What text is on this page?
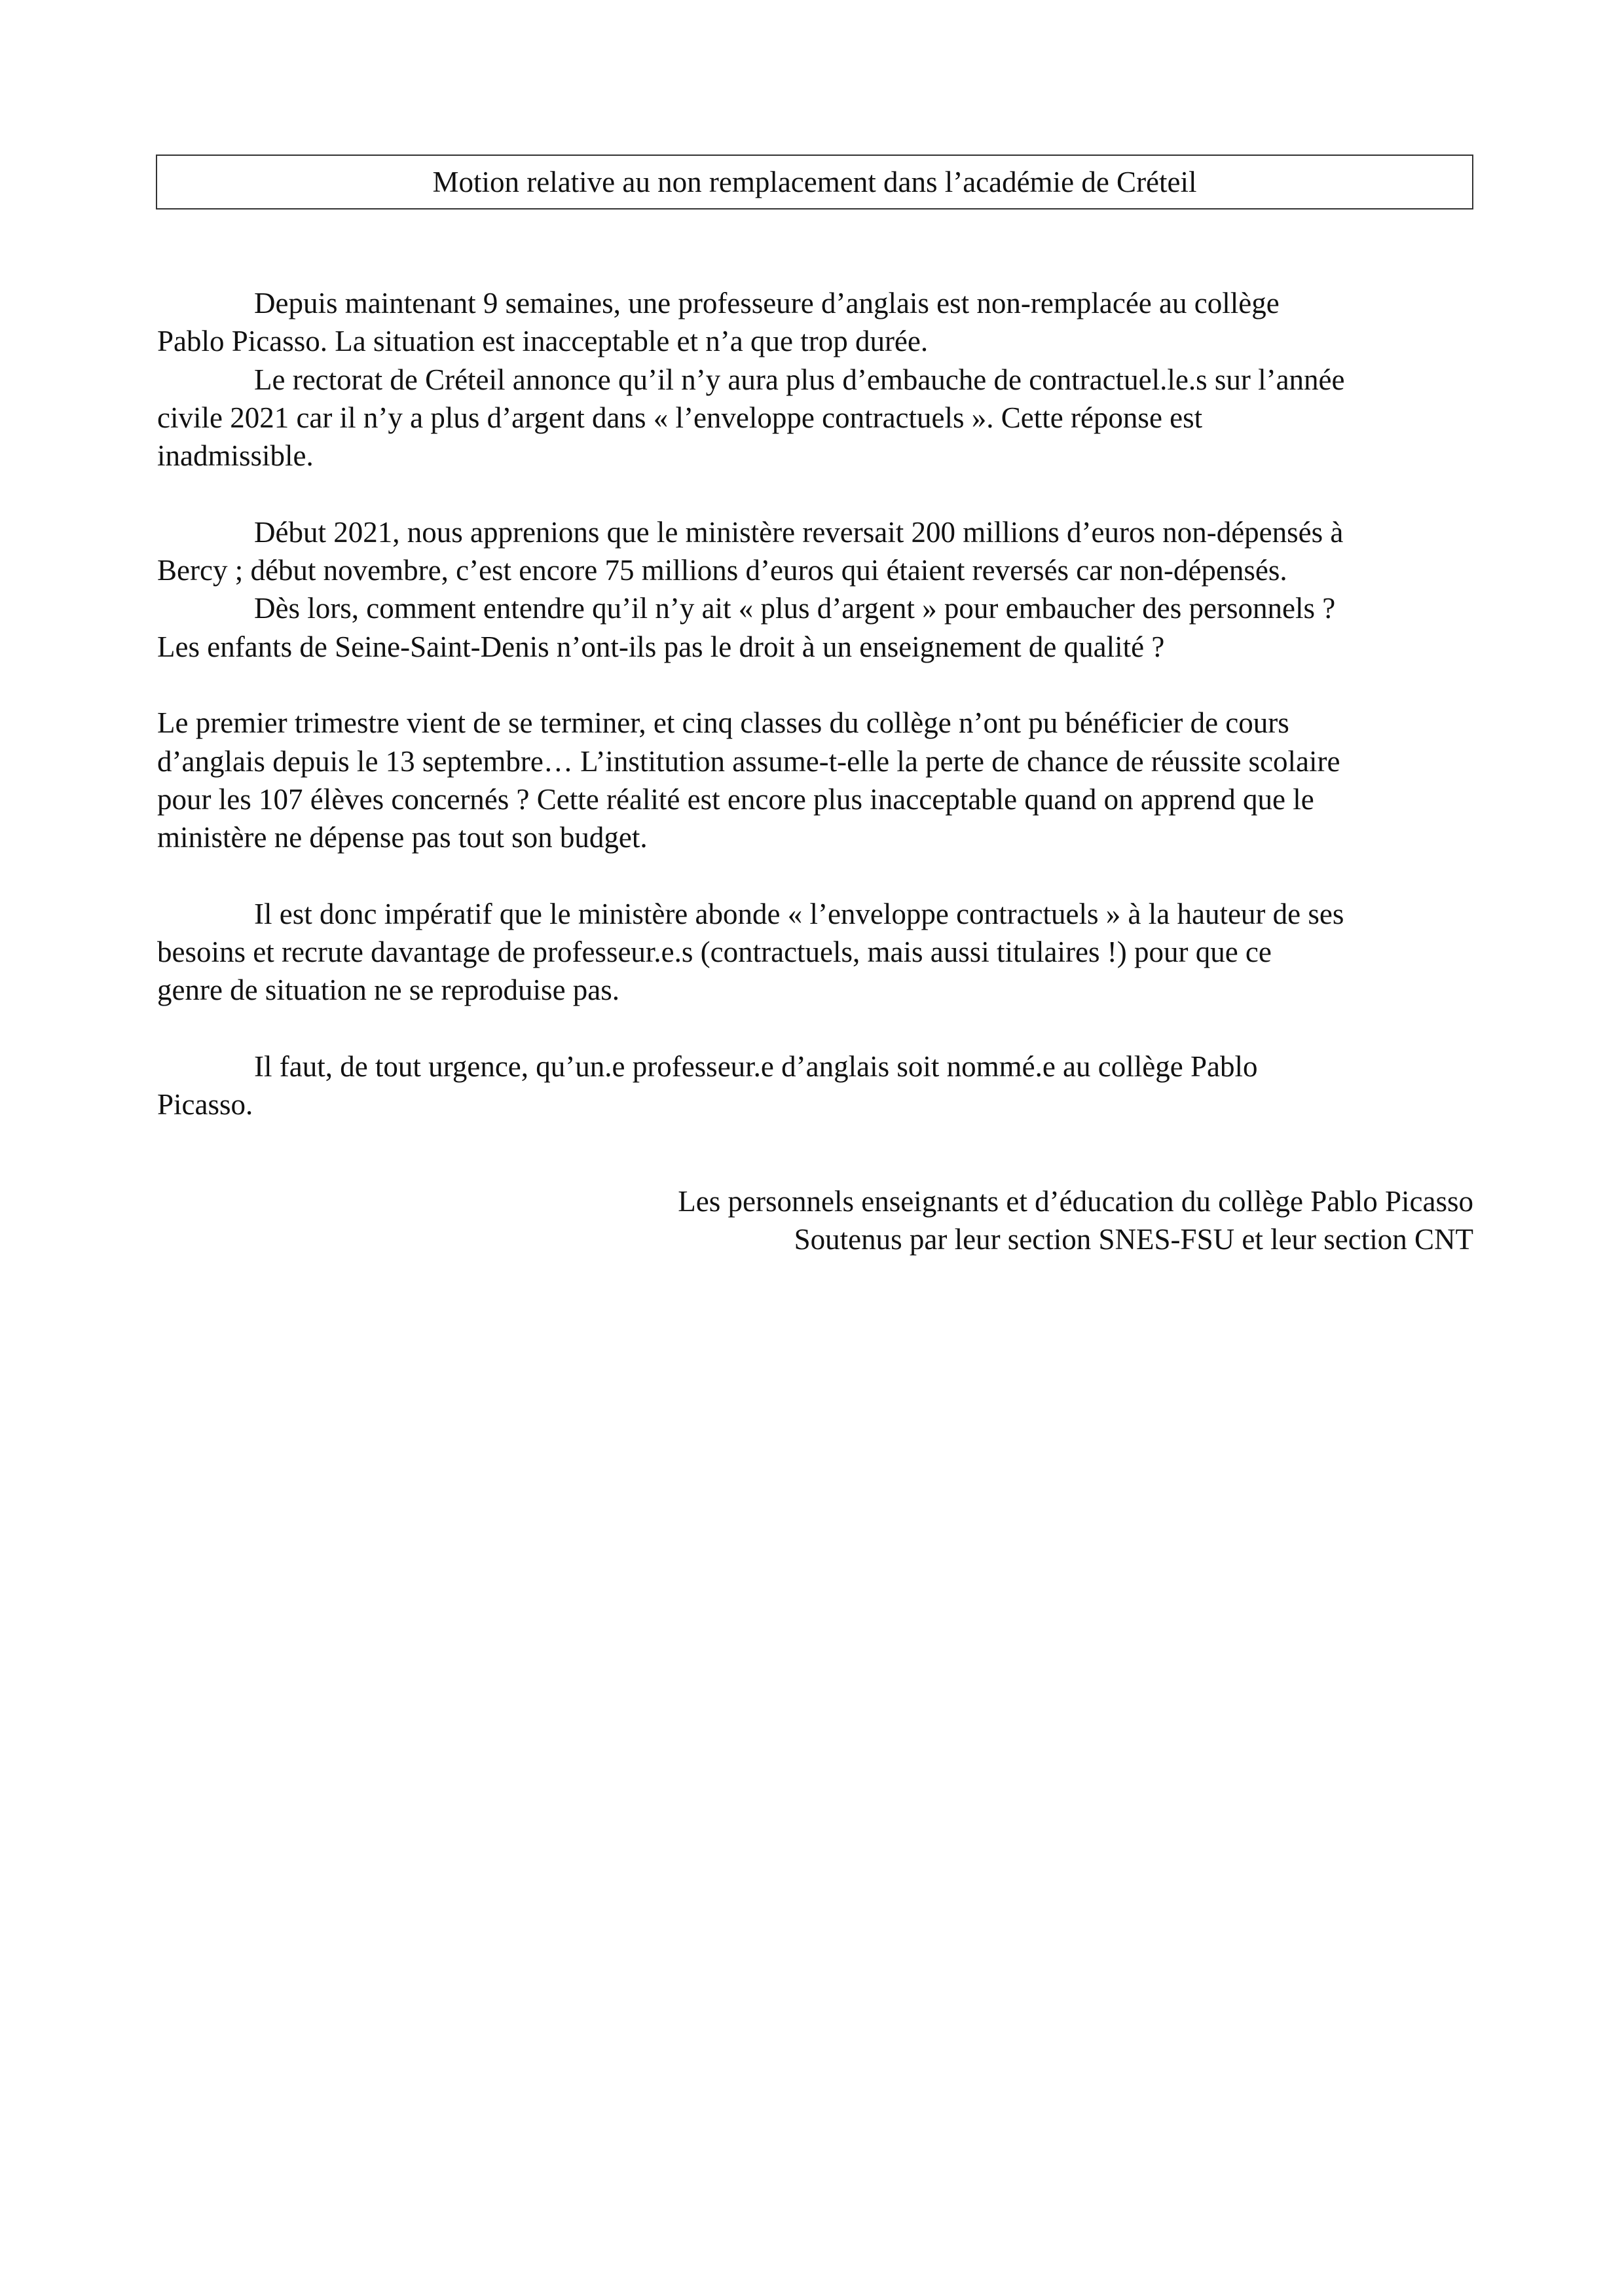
Motion relative au non remplacement dans l’académie de Créteil
Depuis maintenant 9 semaines, une professeure d’anglais est non-remplacée au collège
Pablo Picasso. La situation est inacceptable et n’a que trop durée.
Le rectorat de Créteil annonce qu’il n’y aura plus d’embauche de contractuel.le.s sur l’année
civile 2021 car il n’y a plus d’argent dans « l’enveloppe contractuels ». Cette réponse est
inadmissible.
Début 2021, nous apprenions que le ministère reversait 200 millions d’euros non-dépensés à
Bercy ; début novembre, c’est encore 75 millions d’euros qui étaient reversés car non-dépensés.
Dès lors, comment entendre qu’il n’y ait « plus d’argent » pour embaucher des personnels ?
Les enfants de Seine-Saint-Denis n’ont-ils pas le droit à un enseignement de qualité ?
Le premier trimestre vient de se terminer, et cinq classes du collège n’ont pu bénéficier de cours
d’anglais depuis le 13 septembre… L’institution assume-t-elle la perte de chance de réussite scolaire
pour les 107 élèves concernés ? Cette réalité est encore plus inacceptable quand on apprend que le
ministère ne dépense pas tout son budget.
Il est donc impératif que le ministère abonde « l’enveloppe contractuels » à la hauteur de ses
besoins et recrute davantage de professeur.e.s (contractuels, mais aussi titulaires !) pour que ce
genre de situation ne se reproduise pas.
Il faut, de tout urgence, qu’un.e professeur.e d’anglais soit nommé.e au collège Pablo
Picasso.
Les personnels enseignants et d’éducation du collège Pablo Picasso
Soutenus par leur section SNES-FSU et leur section CNT
